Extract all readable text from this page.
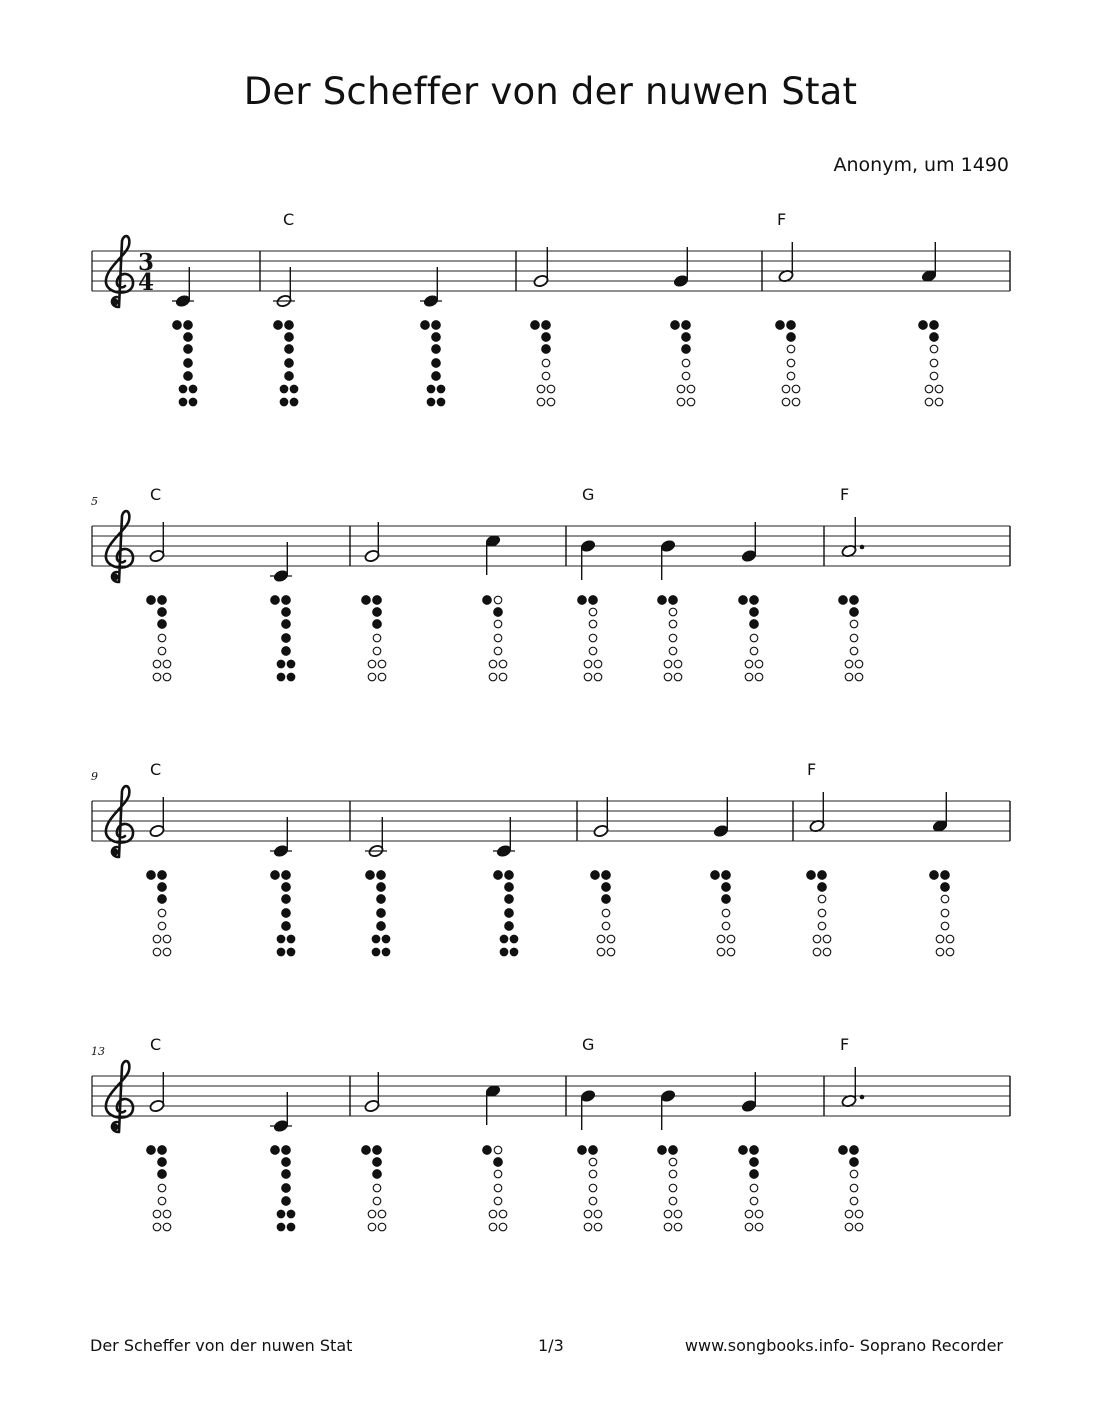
Der Scheffer von der nuwen Stat
Anonym, um 1490
3
4
C	F
5	C	G	F
9	C	F
13	C	G	F
Der Scheffer von der nuwen Stat	1/3	www.songbooks.info- Soprano Recorder
